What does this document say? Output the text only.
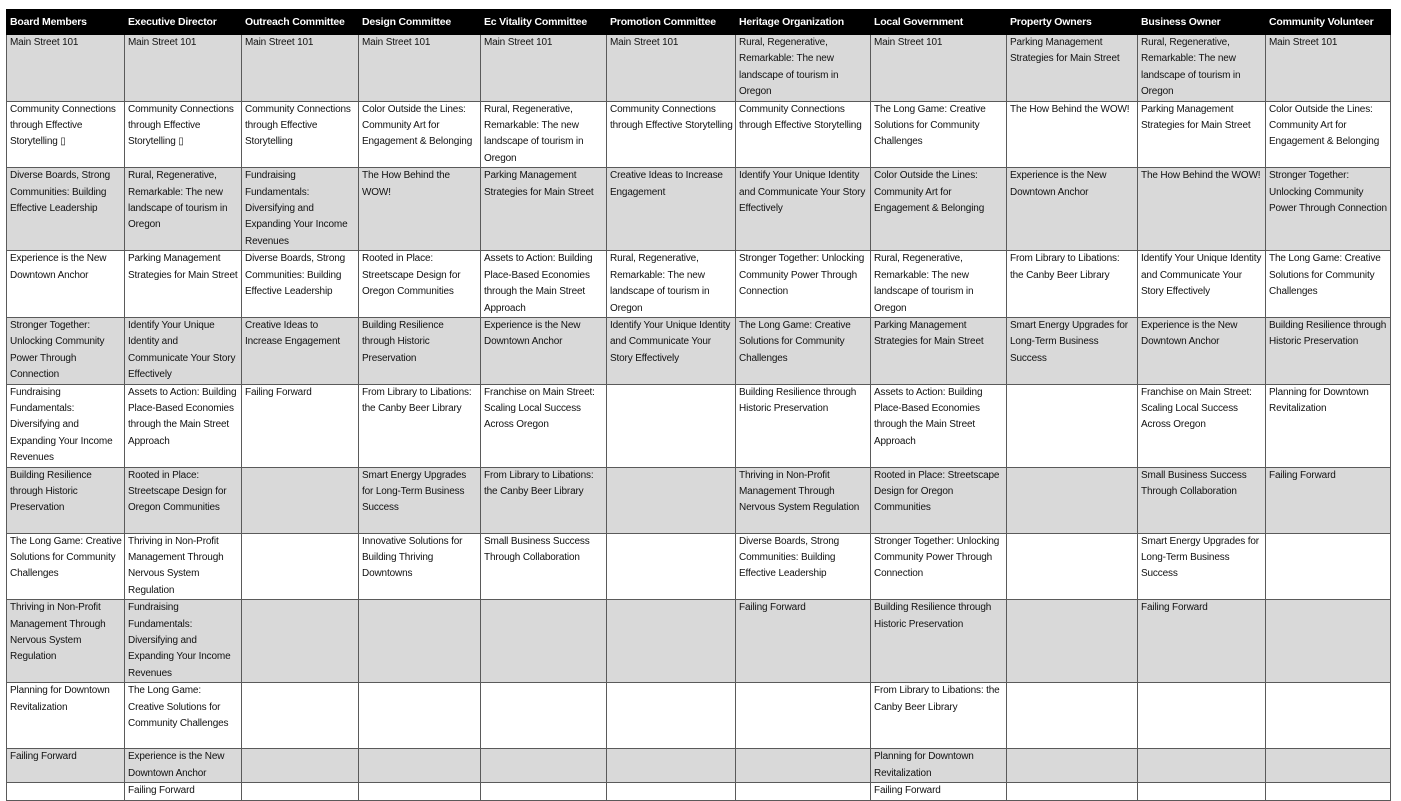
Board Members	Executive Director	Outreach Committee	Design Committee	Ec Vitality Committee	Promotion Committee	Heritage Organization	Local Government	Property Owners	Business Owner	Community Volunteer
Main Street 101	Main Street 101	Main Street 101	Main Street 101	Main Street 101	Main Street 101	Rural, Regenerative, Remarkable: The new landscape of tourism in Oregon	Main Street 101	Parking Management Strategies for Main Street	Rural, Regenerative, Remarkable: The new landscape of tourism in Oregon	Main Street 101
Community Connections through Effective Storytelling ▯	Community Connections through Effective Storytelling ▯	Community Connections through Effective Storytelling	Color Outside the Lines: Community Art for Engagement & Belonging	Rural, Regenerative, Remarkable: The new landscape of tourism in Oregon	Community Connections through Effective Storytelling	Community Connections through Effective Storytelling	The Long Game: Creative Solutions for Community Challenges	The How Behind the WOW!	Parking Management Strategies for Main Street	Color Outside the Lines: Community Art for Engagement & Belonging
Diverse Boards, Strong Communities: Building Effective Leadership	Rural, Regenerative, Remarkable: The new landscape of tourism in Oregon	Fundraising Fundamentals: Diversifying and Expanding Your Income Revenues	The How Behind the WOW!	Parking Management Strategies for Main Street	Creative Ideas to Increase Engagement	Identify Your Unique Identity and Communicate Your Story Effectively	Color Outside the Lines: Community Art for Engagement & Belonging	Experience is the New Downtown Anchor	The How Behind the WOW!	Stronger Together: Unlocking Community Power Through Connection
Experience is the New Downtown Anchor	Parking Management Strategies for Main Street	Diverse Boards, Strong Communities: Building Effective Leadership	Rooted in Place: Streetscape Design for Oregon Communities	Assets to Action: Building Place-Based Economies through the Main Street Approach	Rural, Regenerative, Remarkable: The new landscape of tourism in Oregon	Stronger Together: Unlocking Community Power Through Connection	Rural, Regenerative, Remarkable: The new landscape of tourism in Oregon	From Library to Libations: the Canby Beer Library	Identify Your Unique Identity and Communicate Your Story Effectively	The Long Game: Creative Solutions for Community Challenges
Stronger Together: Unlocking Community Power Through Connection	Identify Your Unique Identity and Communicate Your Story Effectively	Creative Ideas to Increase Engagement	Building Resilience through Historic Preservation	Experience is the New Downtown Anchor	Identify Your Unique Identity and Communicate Your Story Effectively	The Long Game: Creative Solutions for Community Challenges	Parking Management Strategies for Main Street	Smart Energy Upgrades for Long-Term Business Success	Experience is the New Downtown Anchor	Building Resilience through Historic Preservation
Fundraising Fundamentals: Diversifying and Expanding Your Income Revenues	Assets to Action: Building Place-Based Economies through the Main Street Approach	Failing Forward	From Library to Libations: the Canby Beer Library	Franchise on Main Street: Scaling Local Success Across Oregon		Building Resilience through Historic Preservation	Assets to Action: Building Place-Based Economies through the Main Street Approach		Franchise on Main Street: Scaling Local Success Across Oregon	Planning for Downtown Revitalization
Building Resilience through Historic Preservation	Rooted in Place: Streetscape Design for Oregon Communities		Smart Energy Upgrades for Long-Term Business Success	From Library to Libations: the Canby Beer Library		Thriving in Non-Profit Management Through Nervous System Regulation	Rooted in Place: Streetscape Design for Oregon Communities		Small Business Success Through Collaboration	Failing Forward
The Long Game: Creative Solutions for Community Challenges	Thriving in Non-Profit Management Through Nervous System Regulation		Innovative Solutions for Building Thriving Downtowns	Small Business Success Through Collaboration		Diverse Boards, Strong Communities: Building Effective Leadership	Stronger Together: Unlocking Community Power Through Connection		Smart Energy Upgrades for Long-Term Business Success	
Thriving in Non-Profit Management Through Nervous System Regulation	Fundraising Fundamentals: Diversifying and Expanding Your Income Revenues					Failing Forward	Building Resilience through Historic Preservation		Failing Forward	
Planning for Downtown Revitalization	The Long Game: Creative Solutions for Community Challenges						From Library to Libations: the Canby Beer Library			
Failing Forward	Experience is the New Downtown Anchor						Planning for Downtown Revitalization			
	Failing Forward						Failing Forward			
